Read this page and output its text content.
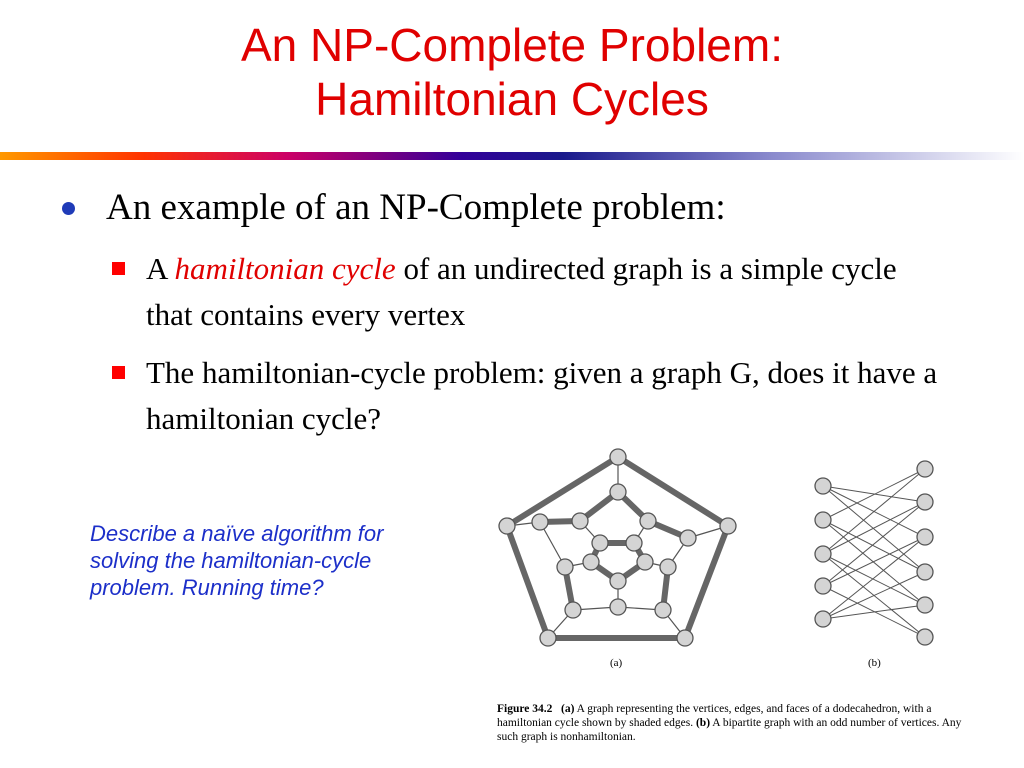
An NP-Complete Problem:
Hamiltonian Cycles
An example of an NP-Complete problem:
A hamiltonian cycle of an undirected graph is a simple cycle that contains every vertex
The hamiltonian-cycle problem: given a graph G, does it have a hamiltonian cycle?
Describe a naïve algorithm for solving the hamiltonian-cycle problem. Running time?
(a)	(b)
Figure 34.2 (a) A graph representing the vertices, edges, and faces of a dodecahedron, with a hamiltonian cycle shown by shaded edges. (b) A bipartite graph with an odd number of vertices. Any such graph is nonhamiltonian.
